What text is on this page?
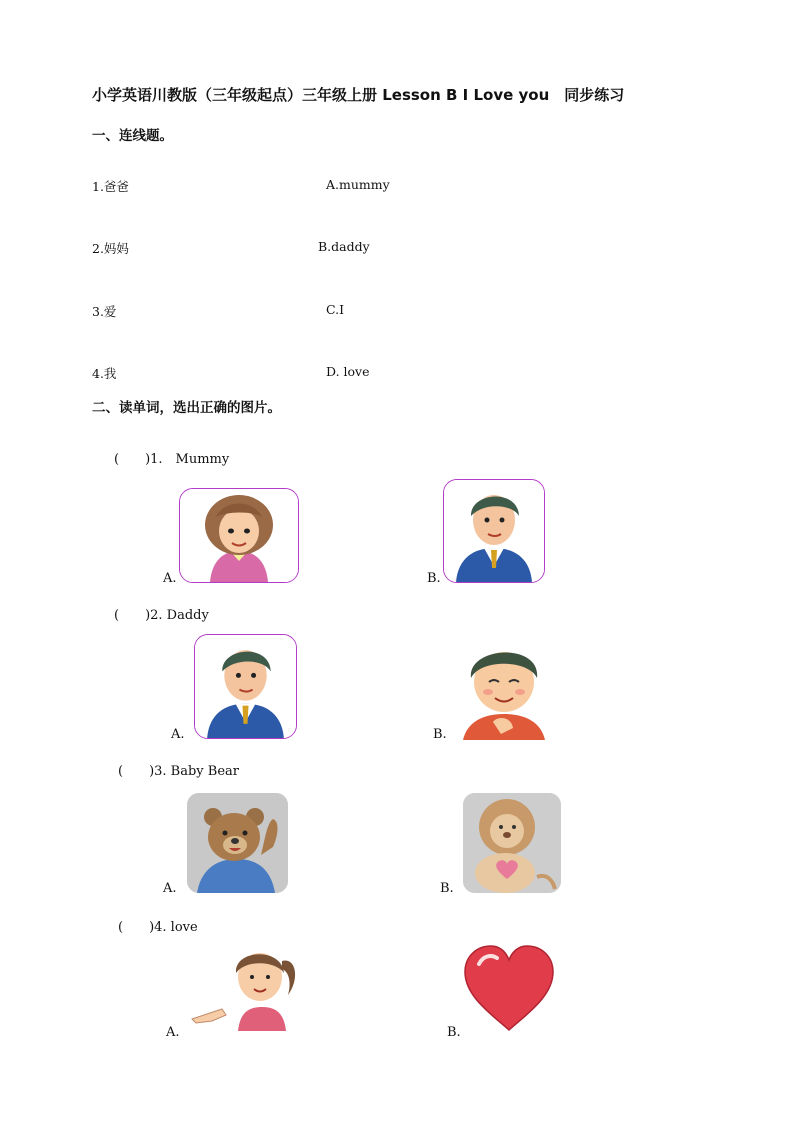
小学英语川教版（三年级起点）三年级上册 Lesson B I Love you　同步练习
一、连线题。
1.爸爸	A.mummy
2.妈妈	B.daddy
3.爱	C.I
4.我	D. love
二、读单词，选出正确的图片。
(　　)1.　Mummy
A.	B.
(　　)2. Daddy
A.	B.
(　　)3. Baby Bear
A.	B.
(　　)4. love
A.	B.
